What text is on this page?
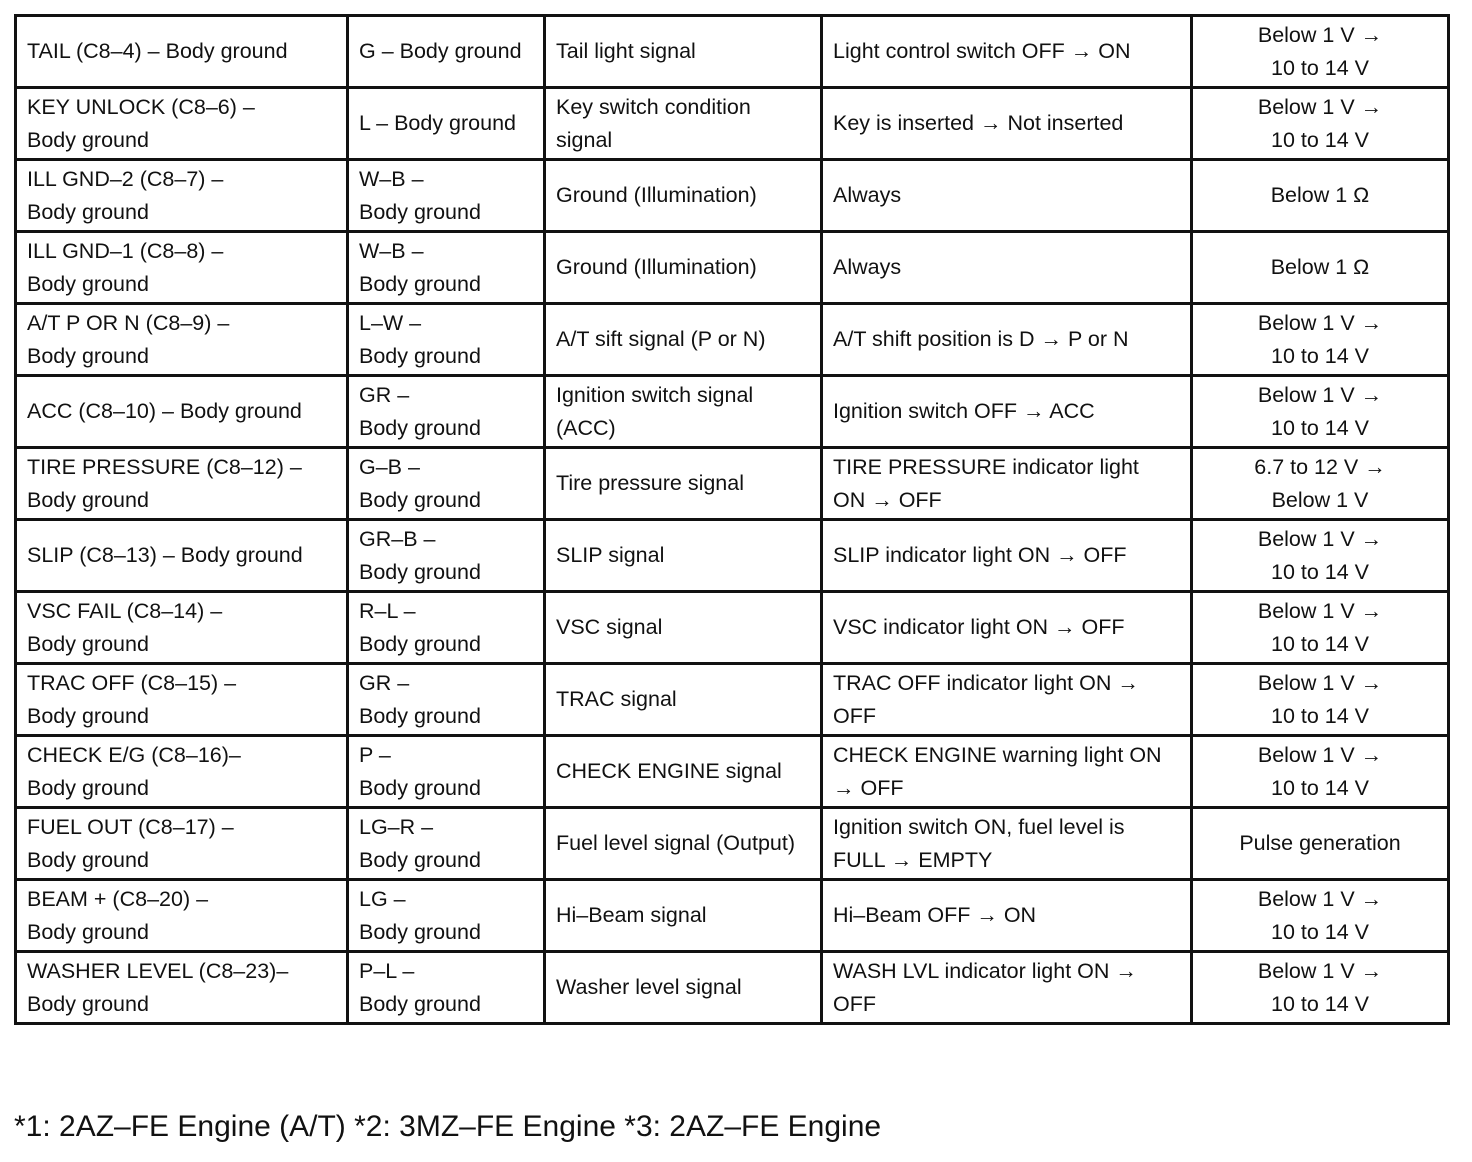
TAIL (C8–4) – Body ground	G – Body ground	Tail light signal	Light control switch OFF → ON	Below 1 V →
10 to 14 V
KEY UNLOCK (C8–6) –
Body ground	L – Body ground	Key switch condition
signal	Key is inserted → Not inserted	Below 1 V →
10 to 14 V
ILL GND–2 (C8–7) –
Body ground	W–B –
Body ground	Ground (Illumination)	Always	Below 1 Ω
ILL GND–1 (C8–8) –
Body ground	W–B –
Body ground	Ground (Illumination)	Always	Below 1 Ω
A/T P OR N (C8–9) –
Body ground	L–W –
Body ground	A/T sift signal (P or N)	A/T shift position is D → P or N	Below 1 V →
10 to 14 V
ACC (C8–10) – Body ground	GR –
Body ground	Ignition switch signal
(ACC)	Ignition switch OFF → ACC	Below 1 V →
10 to 14 V
TIRE PRESSURE (C8–12) –
Body ground	G–B –
Body ground	Tire pressure signal	TIRE PRESSURE indicator light
ON → OFF	6.7 to 12 V →
Below 1 V
SLIP (C8–13) – Body ground	GR–B –
Body ground	SLIP signal	SLIP indicator light ON → OFF	Below 1 V →
10 to 14 V
VSC FAIL (C8–14) –
Body ground	R–L –
Body ground	VSC signal	VSC indicator light ON → OFF	Below 1 V →
10 to 14 V
TRAC OFF (C8–15) –
Body ground	GR –
Body ground	TRAC signal	TRAC OFF indicator light ON →
OFF	Below 1 V →
10 to 14 V
CHECK E/G (C8–16)–
Body ground	P –
Body ground	CHECK ENGINE signal	CHECK ENGINE warning light ON
→ OFF	Below 1 V →
10 to 14 V
FUEL OUT (C8–17) –
Body ground	LG–R –
Body ground	Fuel level signal (Output)	Ignition switch ON, fuel level is
FULL → EMPTY	Pulse generation
BEAM + (C8–20) –
Body ground	LG –
Body ground	Hi–Beam signal	Hi–Beam OFF → ON	Below 1 V →
10 to 14 V
WASHER LEVEL (C8–23)–
Body ground	P–L –
Body ground	Washer level signal	WASH LVL indicator light ON →
OFF	Below 1 V →
10 to 14 V
*1: 2AZ–FE Engine (A/T) *2: 3MZ–FE Engine *3: 2AZ–FE Engine
